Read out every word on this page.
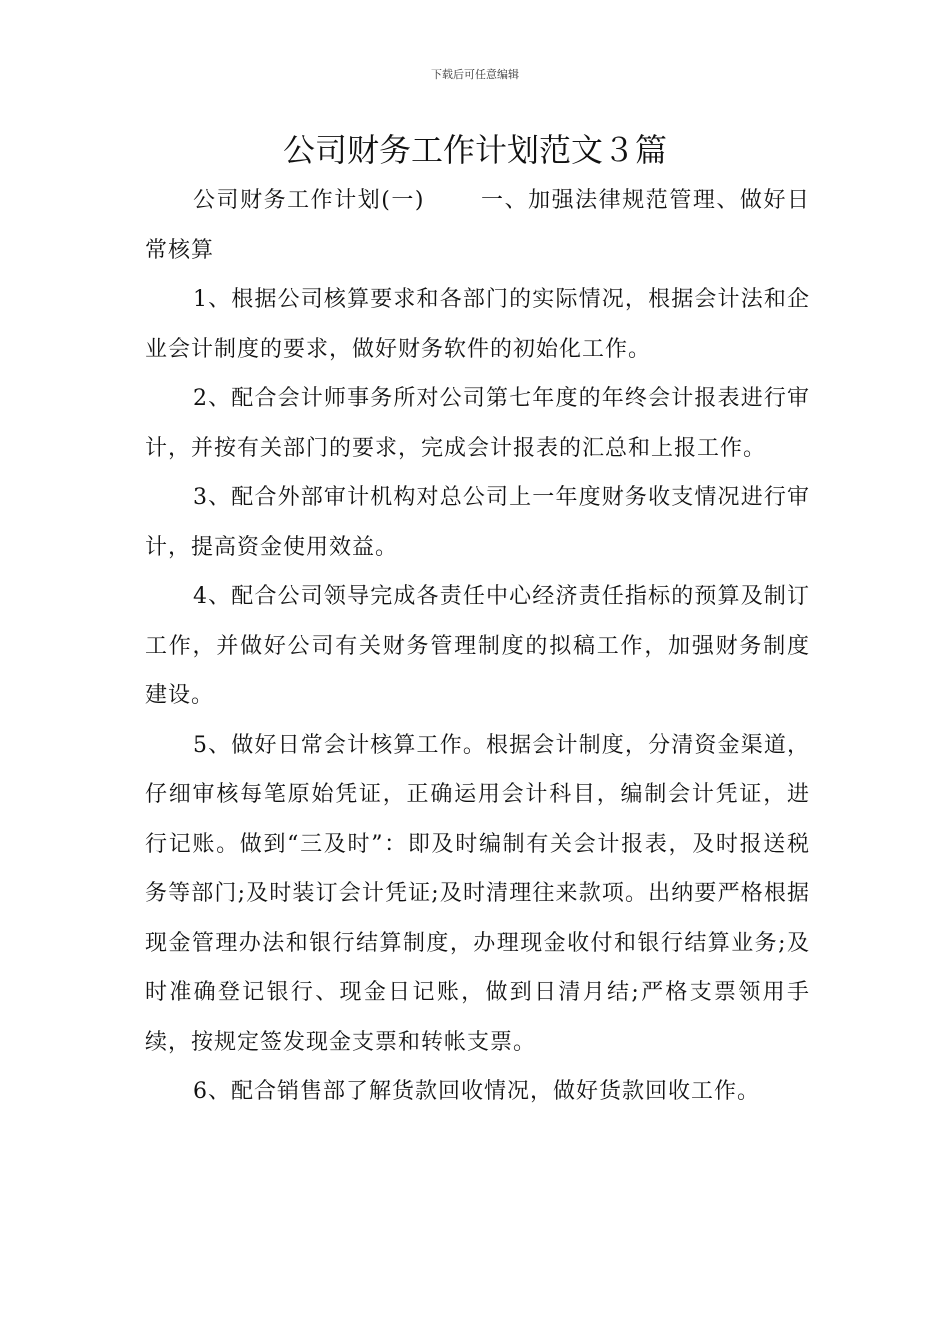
下载后可任意编辑
公司财务工作计划范文３篇

公司财务工作计划(一)	一、加强法律规范管理、做好日常核算

1、根据公司核算要求和各部门的实际情况，根据会计法和企业会计制度的要求，做好财务软件的初始化工作。

2、配合会计师事务所对公司第七年度的年终会计报表进行审计，并按有关部门的要求，完成会计报表的汇总和上报工作。

3、配合外部审计机构对总公司上一年度财务收支情况进行审计，提高资金使用效益。

4、配合公司领导完成各责任中心经济责任指标的预算及制订工作，并做好公司有关财务管理制度的拟稿工作，加强财务制度建设。

5、做好日常会计核算工作。根据会计制度，分清资金渠道，仔细审核每笔原始凭证，正确运用会计科目，编制会计凭证，进行记账。做到“三及时”：即及时编制有关会计报表，及时报送税务等部门;及时装订会计凭证;及时清理往来款项。出纳要严格根据现金管理办法和银行结算制度，办理现金收付和银行结算业务;及时准确登记银行、现金日记账，做到日清月结;严格支票领用手续，按规定签发现金支票和转帐支票。

6、配合销售部了解货款回收情况，做好货款回收工作。
